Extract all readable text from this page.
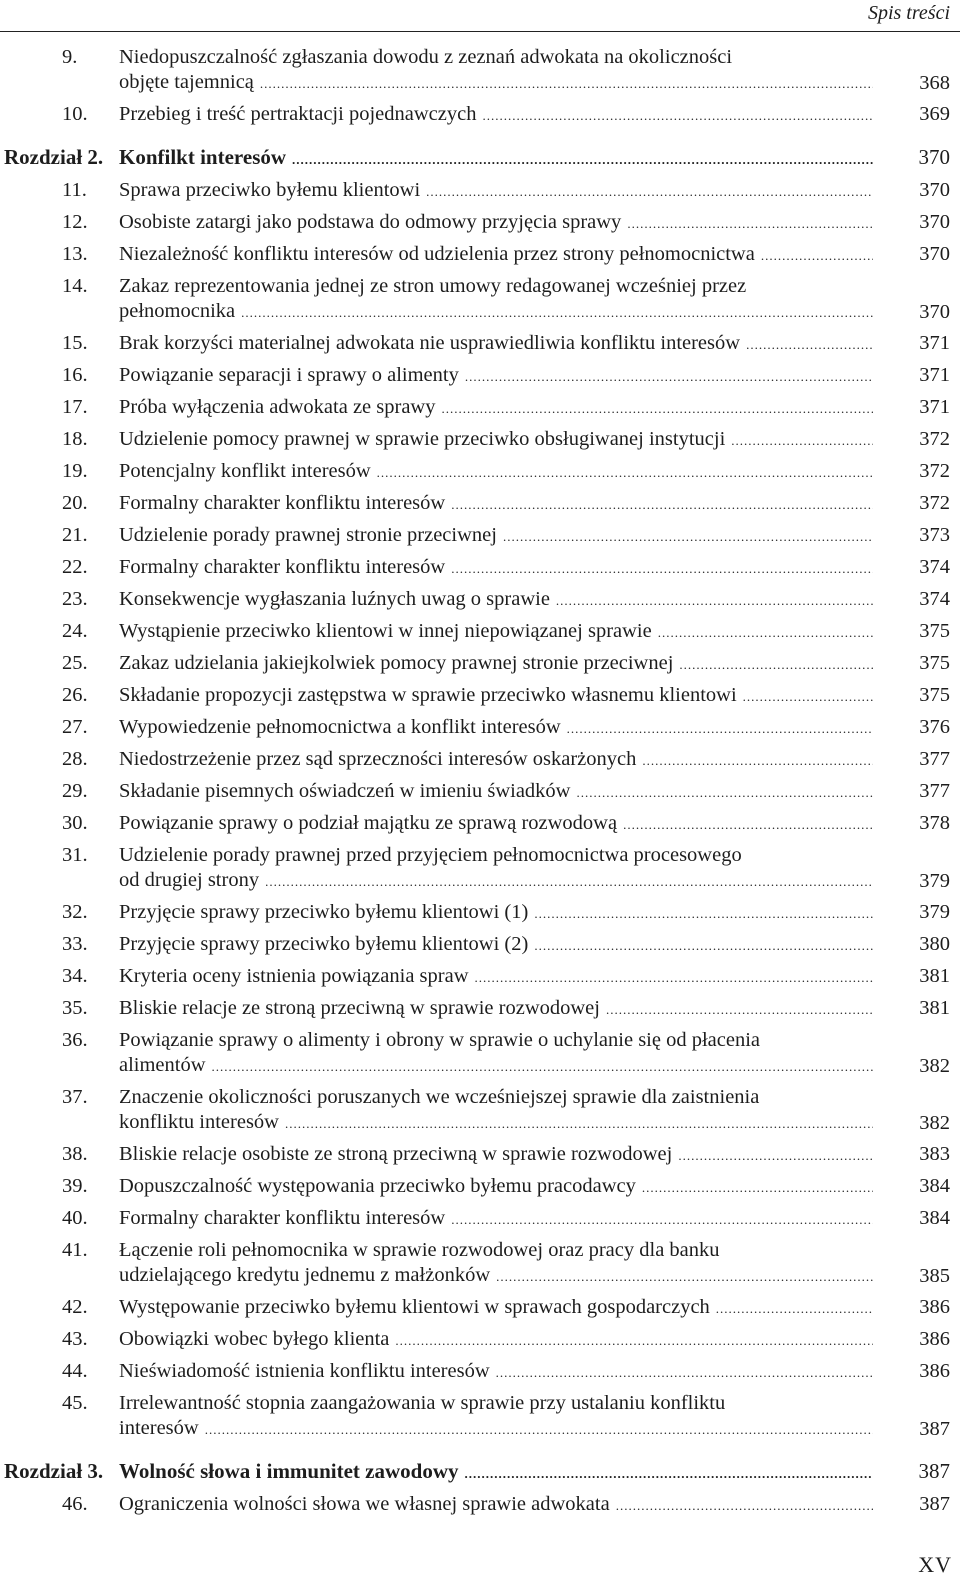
Spis treści
9. Niedopuszczalność zgłaszania dowodu z zeznań adwokata na okoliczności
objęte tajemnicą .....	368
10. Przebieg i treść pertraktacji pojednawczych .....	369
Rozdział 2. Konfilkt interesów .....	370
11. Sprawa przeciwko byłemu klientowi .....	370
12. Osobiste zatargi jako podstawa do odmowy przyjęcia sprawy .....	370
13. Niezależność konfliktu interesów od udzielenia przez strony pełnomocnictwa .....	370
14. Zakaz reprezentowania jednej ze stron umowy redagowanej wcześniej przez
pełnomocnika .....	370
15. Brak korzyści materialnej adwokata nie usprawiedliwia konfliktu interesów .....	371
16. Powiązanie separacji i sprawy o alimenty .....	371
17. Próba wyłączenia adwokata ze sprawy .....	371
18. Udzielenie pomocy prawnej w sprawie przeciwko obsługiwanej instytucji .....	372
19. Potencjalny konflikt interesów .....	372
20. Formalny charakter konfliktu interesów .....	372
21. Udzielenie porady prawnej stronie przeciwnej .....	373
22. Formalny charakter konfliktu interesów .....	374
23. Konsekwencje wygłaszania luźnych uwag o sprawie .....	374
24. Wystąpienie przeciwko klientowi w innej niepowiązanej sprawie .....	375
25. Zakaz udzielania jakiejkolwiek pomocy prawnej stronie przeciwnej .....	375
26. Składanie propozycji zastępstwa w sprawie przeciwko własnemu klientowi .....	375
27. Wypowiedzenie pełnomocnictwa a konflikt interesów .....	376
28. Niedostrzeżenie przez sąd sprzeczności interesów oskarżonych .....	377
29. Składanie pisemnych oświadczeń w imieniu świadków .....	377
30. Powiązanie sprawy o podział majątku ze sprawą rozwodową .....	378
31. Udzielenie porady prawnej przed przyjęciem pełnomocnictwa procesowego
od drugiej strony .....	379
32. Przyjęcie sprawy przeciwko byłemu klientowi (1) .....	379
33. Przyjęcie sprawy przeciwko byłemu klientowi (2) .....	380
34. Kryteria oceny istnienia powiązania spraw .....	381
35. Bliskie relacje ze stroną przeciwną w sprawie rozwodowej .....	381
36. Powiązanie sprawy o alimenty i obrony w sprawie o uchylanie się od płacenia
alimentów .....	382
37. Znaczenie okoliczności poruszanych we wcześniejszej sprawie dla zaistnienia
konfliktu interesów .....	382
38. Bliskie relacje osobiste ze stroną przeciwną w sprawie rozwodowej .....	383
39. Dopuszczalność występowania przeciwko byłemu pracodawcy .....	384
40. Formalny charakter konfliktu interesów .....	384
41. Łączenie roli pełnomocnika w sprawie rozwodowej oraz pracy dla banku
udzielającego kredytu jednemu z małżonków .....	385
42. Występowanie przeciwko byłemu klientowi w sprawach gospodarczych .....	386
43. Obowiązki wobec byłego klienta .....	386
44. Nieświadomość istnienia konfliktu interesów .....	386
45. Irrelewantność stopnia zaangażowania w sprawie przy ustalaniu konfliktu
interesów .....	387
Rozdział 3. Wolność słowa i immunitet zawodowy .....	387
46. Ograniczenia wolności słowa we własnej sprawie adwokata .....	387
XV
